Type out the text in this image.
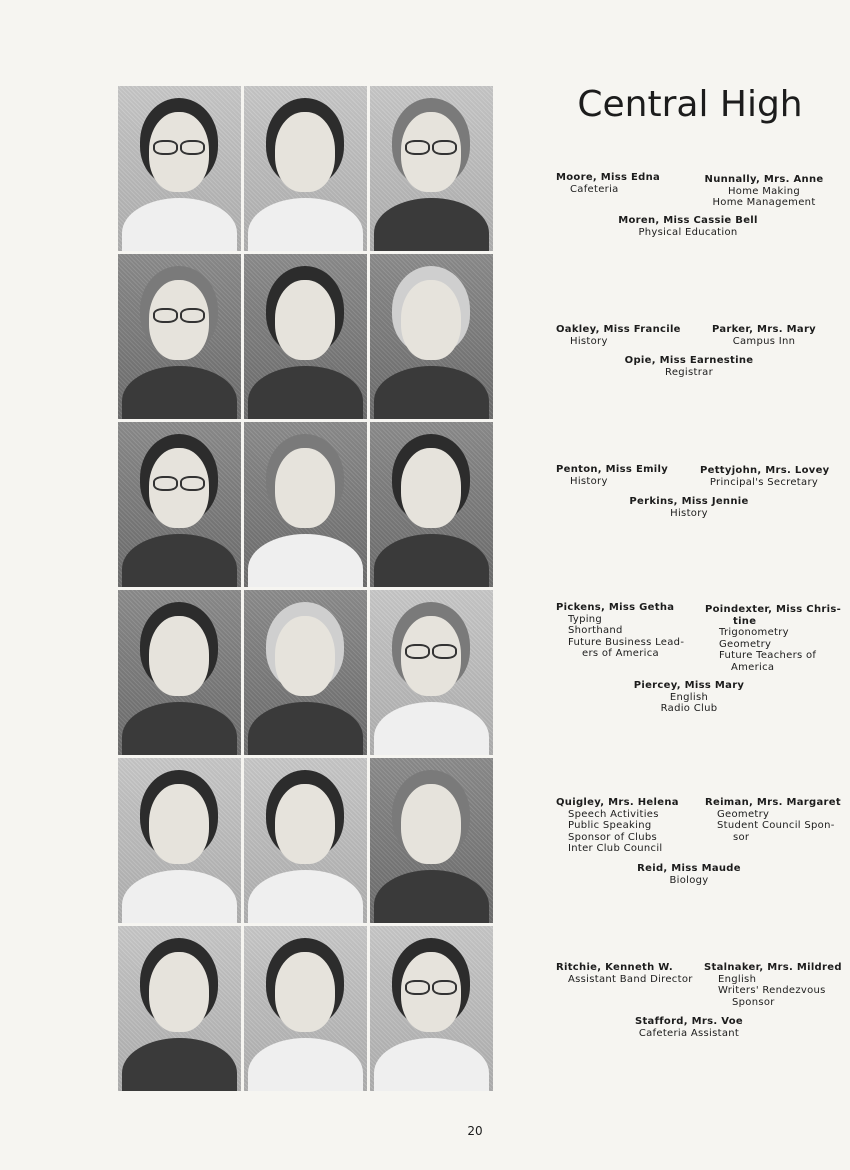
Central High
Moore, Miss Edna
Cafeteria
Nunnally, Mrs. Anne
Home Making
Home Management
Moren, Miss Cassie Bell
Physical Education
Oakley, Miss Francile
History
Parker, Mrs. Mary
Campus Inn
Opie, Miss Earnestine
Registrar
Penton, Miss Emily
History
Pettyjohn, Mrs. Lovey
Principal's Secretary
Perkins, Miss Jennie
History
Pickens, Miss Getha
Typing
Shorthand
Future Business Lead-
ers of America
Poindexter, Miss Chris-
tine
Trigonometry
Geometry
Future Teachers of
America
Piercey, Miss Mary
English
Radio Club
Quigley, Mrs. Helena
Speech Activities
Public Speaking
Sponsor of Clubs
Inter Club Council
Reiman, Mrs. Margaret
Geometry
Student Council Spon-
sor
Reid, Miss Maude
Biology
Ritchie, Kenneth W.
Assistant Band Director
Stalnaker, Mrs. Mildred
English
Writers' Rendezvous
Sponsor
Stafford, Mrs. Voe
Cafeteria Assistant
20
